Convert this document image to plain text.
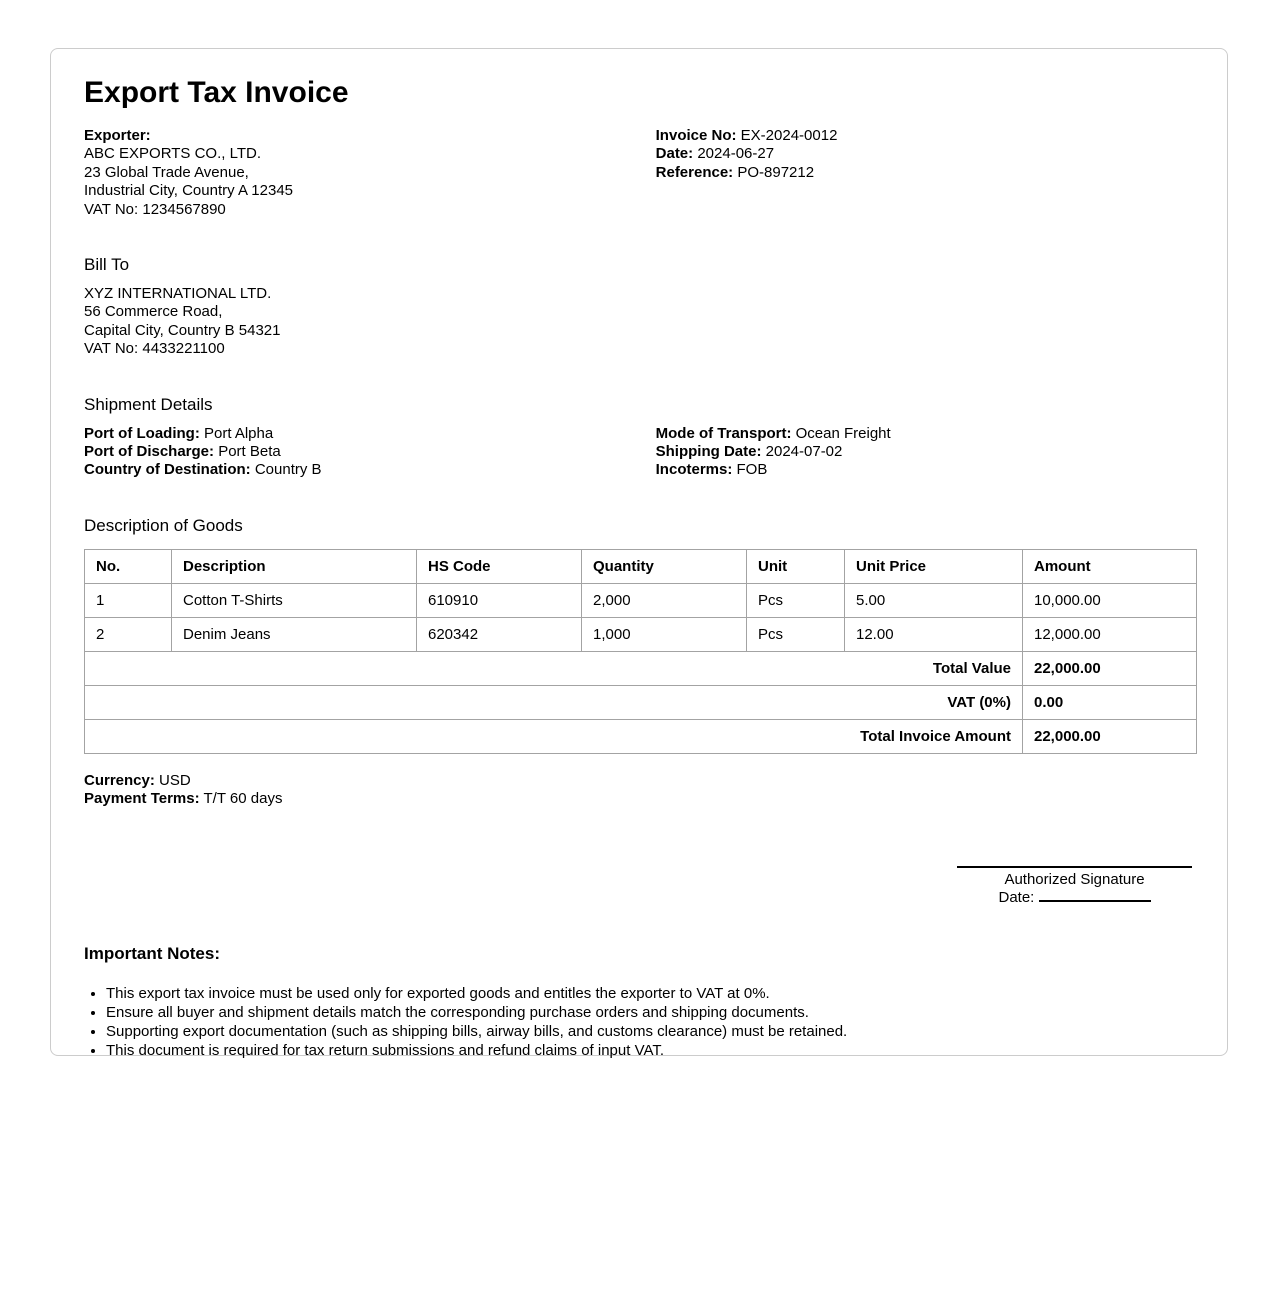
Export Tax Invoice
Exporter:
ABC EXPORTS CO., LTD.
23 Global Trade Avenue,
Industrial City, Country A 12345
VAT No: 1234567890
Invoice No: EX-2024-0012
Date: 2024-06-27
Reference: PO-897212
Bill To
XYZ INTERNATIONAL LTD.
56 Commerce Road,
Capital City, Country B 54321
VAT No: 4433221100
Shipment Details
Port of Loading: Port Alpha
Port of Discharge: Port Beta
Country of Destination: Country B
Mode of Transport: Ocean Freight
Shipping Date: 2024-07-02
Incoterms: FOB
Description of Goods
No.	Description	HS Code	Quantity	Unit	Unit Price	Amount
1	Cotton T-Shirts	610910	2,000	Pcs	5.00	10,000.00
2	Denim Jeans	620342	1,000	Pcs	12.00	12,000.00
Total Value						22,000.00
VAT (0%)						0.00
Total Invoice Amount						22,000.00
Currency: USD
Payment Terms: T/T 60 days
Authorized Signature
Date:
Important Notes:
• This export tax invoice must be used only for exported goods and entitles the exporter to VAT at 0%.
• Ensure all buyer and shipment details match the corresponding purchase orders and shipping documents.
• Supporting export documentation (such as shipping bills, airway bills, and customs clearance) must be retained.
• This document is required for tax return submissions and refund claims of input VAT.
